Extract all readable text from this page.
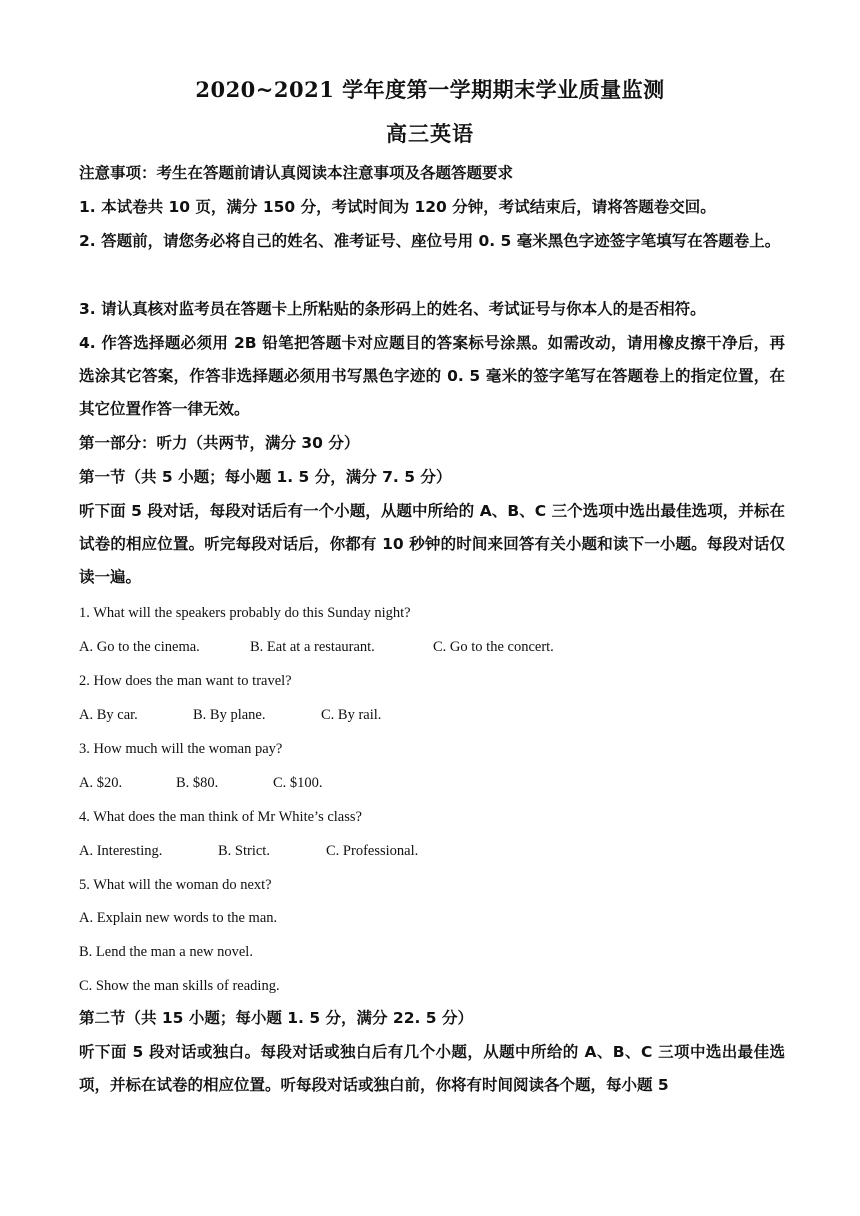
2020~2021 学年度第一学期期末学业质量监测
高三英语
注意事项：考生在答题前请认真阅读本注意事项及各题答题要求
1. 本试卷共 10 页，满分 150 分，考试时间为 120 分钟，考试结束后，请将答题卷交回。
2. 答题前，请您务必将自己的姓名、准考证号、座位号用 0. 5 毫米黑色字迹签字笔填写在答题卷上。
3. 请认真核对监考员在答题卡上所粘贴的条形码上的姓名、考试证号与你本人的是否相符。
4. 作答选择题必须用 2B 铅笔把答题卡对应题目的答案标号涂黑。如需改动，请用橡皮擦干净后，再选涂其它答案，作答非选择题必须用书写黑色字迹的 0. 5 毫米的签字笔写在答题卷上的指定位置，在其它位置作答一律无效。
第一部分：听力（共两节，满分 30 分）
第一节（共 5 小题；每小题 1. 5 分，满分 7. 5 分）
听下面 5 段对话，每段对话后有一个小题，从题中所给的 A、B、C 三个选项中选出最佳选项，并标在试卷的相应位置。听完每段对话后，你都有 10 秒钟的时间来回答有关小题和读下一小题。每段对话仅读一遍。
1. What will the speakers probably do this Sunday night?
A. Go to the cinema.	B. Eat at a restaurant.	C. Go to the concert.
2. How does the man want to travel?
A. By car.	B. By plane.	C. By rail.
3. How much will the woman pay?
A. $20.	B. $80.	C. $100.
4. What does the man think of Mr White’s class?
A. Interesting.	B. Strict.	C. Professional.
5. What will the woman do next?
A. Explain new words to the man.
B. Lend the man a new novel.
C. Show the man skills of reading.
第二节（共 15 小题；每小题 1. 5 分，满分 22. 5 分）
听下面 5 段对话或独白。每段对话或独白后有几个小题，从题中所给的 A、B、C 三项中选出最佳选项，并标在试卷的相应位置。听每段对话或独白前，你将有时间阅读各个题，每小题 5
